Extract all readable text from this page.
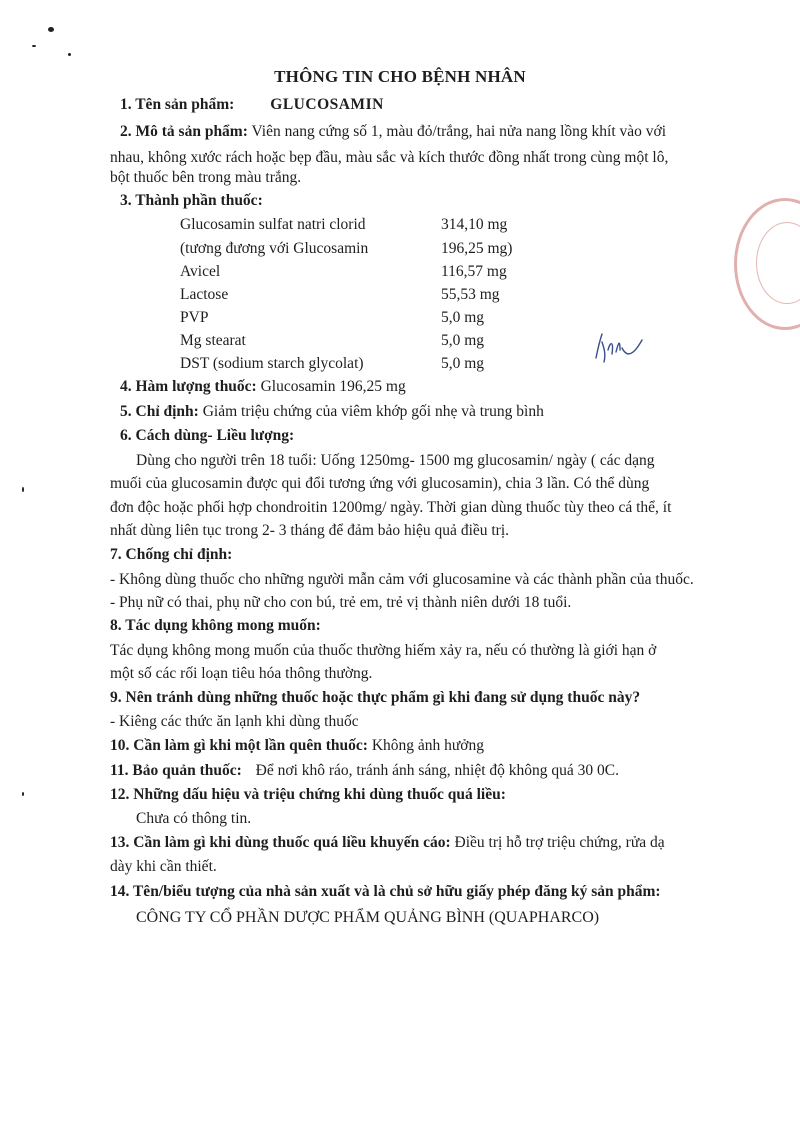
THÔNG TIN CHO BỆNH NHÂN
1. Tên sản phẩm: GLUCOSAMIN
2. Mô tả sản phẩm: Viên nang cứng số 1, màu đỏ/trắng, hai nửa nang lồng khít vào với
nhau, không xước rách hoặc bẹp đầu, màu sắc và kích thước đồng nhất trong cùng một lô,
bột thuốc bên trong màu trắng.
3. Thành phần thuốc:
Glucosamin sulfat natri clorid	314,10 mg
(tương đương với Glucosamin	196,25 mg)
Avicel	116,57 mg
Lactose	55,53 mg
PVP	5,0 mg
Mg stearat	5,0 mg
DST (sodium starch glycolat)	5,0 mg
4. Hàm lượng thuốc: Glucosamin 196,25 mg
5. Chỉ định: Giảm triệu chứng của viêm khớp gối nhẹ và trung bình
6. Cách dùng- Liều lượng:
Dùng cho người trên 18 tuổi: Uống 1250mg- 1500 mg glucosamin/ ngày ( các dạng
muối của glucosamin được qui đổi tương ứng với glucosamin), chia 3 lần. Có thể dùng
đơn độc hoặc phối hợp chondroitin 1200mg/ ngày. Thời gian dùng thuốc tùy theo cá thể, ít
nhất dùng liên tục trong 2- 3 tháng để đảm bảo hiệu quả điều trị.
7. Chống chỉ định:
- Không dùng thuốc cho những người mẫn cảm với glucosamine và các thành phần của thuốc.
- Phụ nữ có thai, phụ nữ cho con bú, trẻ em, trẻ vị thành niên dưới 18 tuổi.
8. Tác dụng không mong muốn:
Tác dụng không mong muốn của thuốc thường hiếm xảy ra, nếu có thường là giới hạn ở
một số các rối loạn tiêu hóa thông thường.
9. Nên tránh dùng những thuốc hoặc thực phẩm gì khi đang sử dụng thuốc này?
- Kiêng các thức ăn lạnh khi dùng thuốc
10. Cần làm gì khi một lần quên thuốc: Không ảnh hưởng
11. Bảo quản thuốc: Để nơi khô ráo, tránh ánh sáng, nhiệt độ không quá 30 0C.
12. Những dấu hiệu và triệu chứng khi dùng thuốc quá liều:
Chưa có thông tin.
13. Cần làm gì khi dùng thuốc quá liều khuyến cáo: Điều trị hỗ trợ triệu chứng, rửa dạ
dày khi cần thiết.
14. Tên/biểu tượng của nhà sản xuất và là chủ sở hữu giấy phép đăng ký sản phẩm:
CÔNG TY CỔ PHẦN DƯỢC PHẨM QUẢNG BÌNH (QUAPHARCO)
